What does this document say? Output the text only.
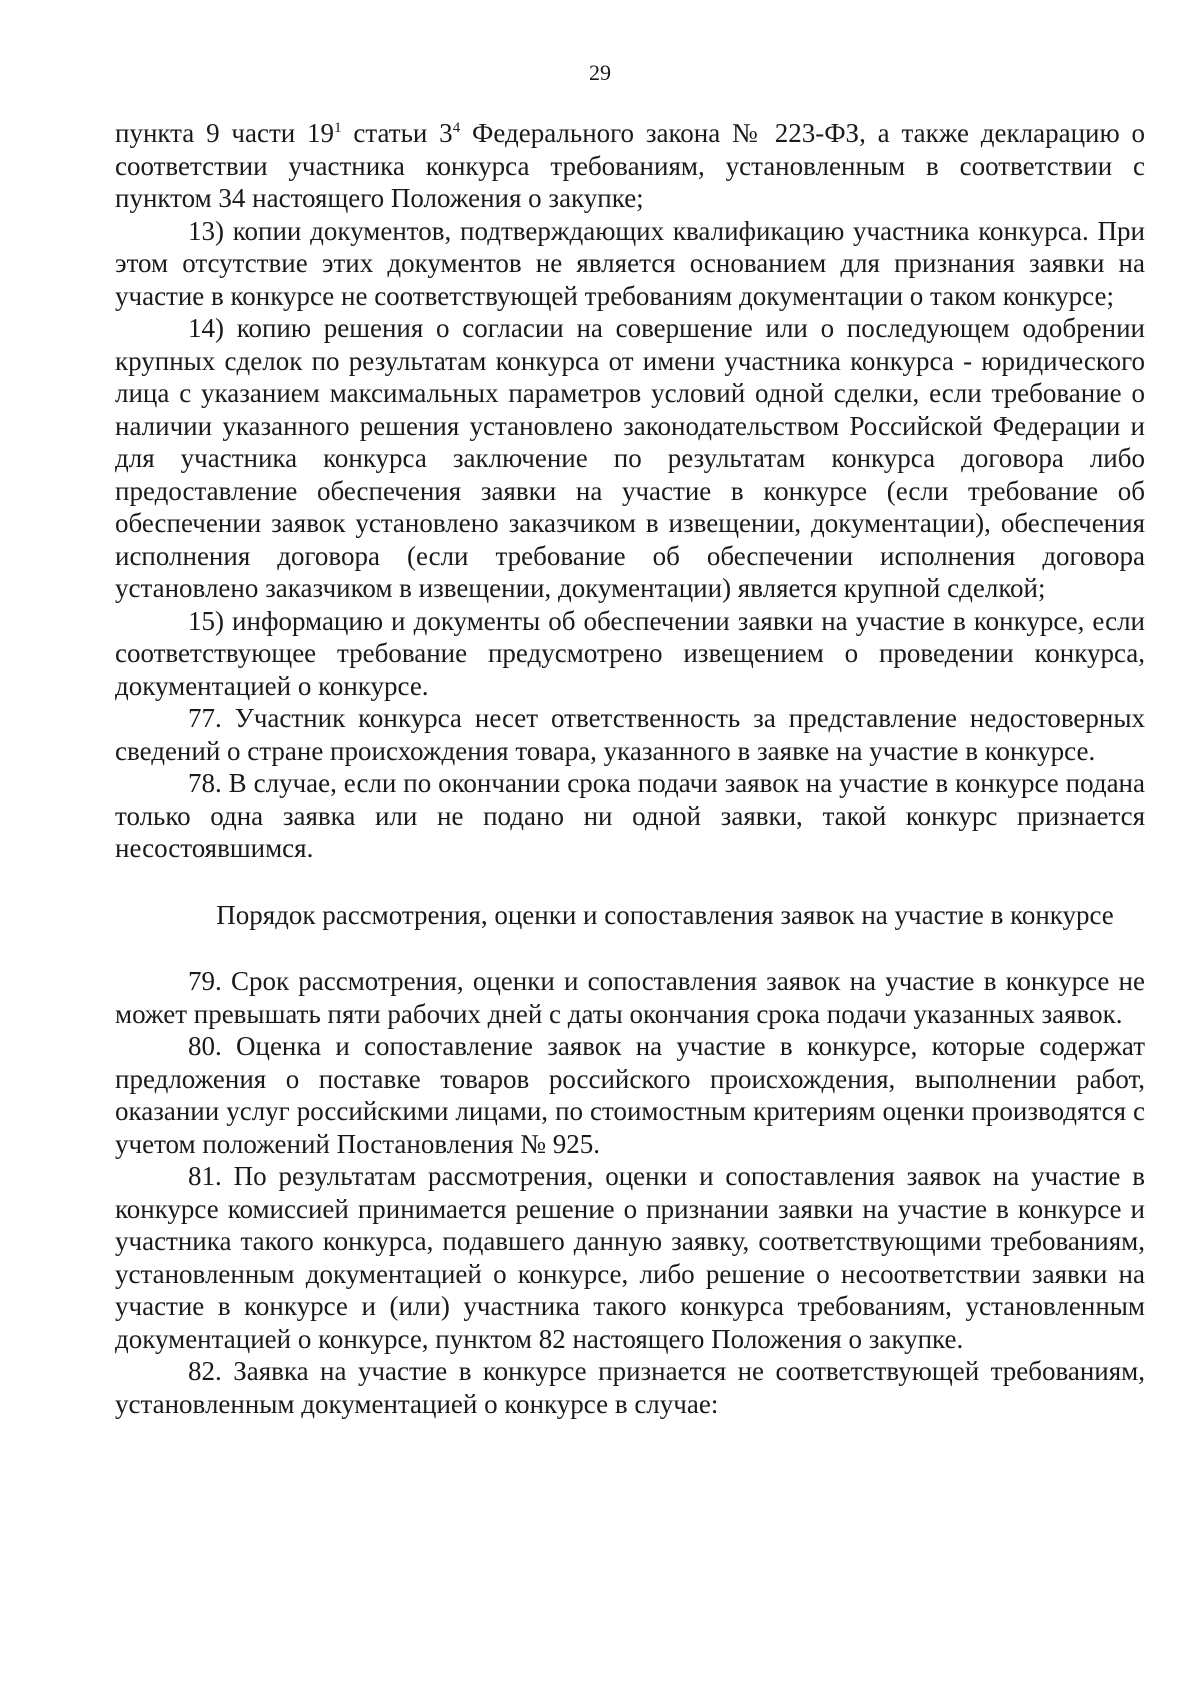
29

пункта 9 части $19^1$ статьи $3^4$ Федерального закона № 223-ФЗ, а также декларацию о соответствии участника конкурса требованиям, установленным в соответствии с пунктом 34 настоящего Положения о закупке;

13) копии документов, подтверждающих квалификацию участника конкурса. При этом отсутствие этих документов не является основанием для признания заявки на участие в конкурсе не соответствующей требованиям документации о таком конкурсе;

14) копию решения о согласии на совершение или о последующем одобрении крупных сделок по результатам конкурса от имени участника конкурса - юридического лица с указанием максимальных параметров условий одной сделки, если требование о наличии указанного решения установлено законодательством Российской Федерации и для участника конкурса заключение по результатам конкурса договора либо предоставление обеспечения заявки на участие в конкурсе (если требование об обеспечении заявок установлено заказчиком в извещении, документации), обеспечения исполнения договора (если требование об обеспечении исполнения договора установлено заказчиком в извещении, документации) является крупной сделкой;

15) информацию и документы об обеспечении заявки на участие в конкурсе, если соответствующее требование предусмотрено извещением о проведении конкурса, документацией о конкурсе.

77. Участник конкурса несет ответственность за представление недостоверных сведений о стране происхождения товара, указанного в заявке на участие в конкурсе.

78. В случае, если по окончании срока подачи заявок на участие в конкурсе подана только одна заявка или не подано ни одной заявки, такой конкурс признается несостоявшимся.

Порядок рассмотрения, оценки и сопоставления заявок на участие в конкурсе

79. Срок рассмотрения, оценки и сопоставления заявок на участие в конкурсе не может превышать пяти рабочих дней с даты окончания срока подачи указанных заявок.

80. Оценка и сопоставление заявок на участие в конкурсе, которые содержат предложения о поставке товаров российского происхождения, выполнении работ, оказании услуг российскими лицами, по стоимостным критериям оценки производятся с учетом положений Постановления № 925.

81. По результатам рассмотрения, оценки и сопоставления заявок на участие в конкурсе комиссией принимается решение о признании заявки на участие в конкурсе и участника такого конкурса, подавшего данную заявку, соответствующими требованиям, установленным документацией о конкурсе, либо решение о несоответствии заявки на участие в конкурсе и (или) участника такого конкурса требованиям, установленным документацией о конкурсе, пунктом 82 настоящего Положения о закупке.

82. Заявка на участие в конкурсе признается не соответствующей требованиям, установленным документацией о конкурсе в случае:
